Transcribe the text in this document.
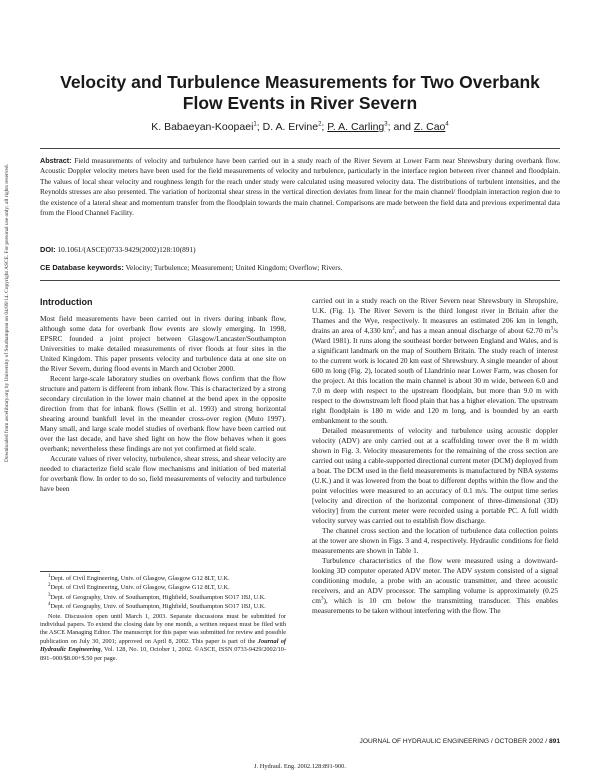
Downloaded from ascelibrary.org by University of Southampton on 04/09/14. Copyright ASCE. For personal use only; all rights reserved.
Velocity and Turbulence Measurements for Two Overbank Flow Events in River Severn
K. Babaeyan-Koopaei$^1$; D. A. Ervine$^2$; P. A. Carling$^3$; and Z. Cao$^4$

Abstract: Field measurements of velocity and turbulence have been carried out in a study reach of the River Severn at Lower Farm near Shrewsbury during overbank flow. Acoustic Doppler velocity meters have been used for the field measurements of velocity and turbulence, particularly in the interface region between river channel and floodplain. The values of local shear velocity and roughness length for the reach under study were calculated using measured velocity data. The distributions of turbulent intensities, and the Reynolds stresses are also presented. The variation of horizontal shear stress in the vertical direction deviates from linear for the main channel/ floodplain interaction region due to the existence of a lateral shear and momentum transfer from the floodplain towards the main channel. Comparisons are made between the field data and previous experimental data from the Flood Channel Facility.

DOI: 10.1061/(ASCE)0733-9429(2002)128:10(891)
CE Database keywords: Velocity; Turbulence; Measurement; United Kingdom; Overflow; Rivers.
Introduction

Most field measurements have been carried out in rivers during inbank flow, although some data for overbank flow events are slowly emerging. In 1998, EPSRC founded a joint project between Glasgow/Lancaster/Southampton Universities to make detailed measurements of river floods at four sites in the United Kingdom. This paper presents velocity and turbulence data at one site on the River Severn, during flood events in March and October 2000.

Recent large-scale laboratory studies on overbank flows confirm that the flow structure and pattern is different from inbank flow. This is characterized by a strong secondary circulation in the lower main channel at the bend apex in the opposite direction from that for inbank flows (Sellin et al. 1993) and strong horizontal shearing around bankfull level in the meander cross-over region (Muto 1997). Many small, and large scale model studies of overbank flow have been carried out over the last decade, and have shed light on how the flow behaves when it goes overbank; nevertheless these findings are not yet confirmed at field scale.

Accurate values of river velocity, turbulence, shear stress, and shear velocity are needed to characterize field scale flow mechanisms and initiation of bed material for overbank flow. In order to do so, field measurements of velocity and turbulence have been

$^1$Dept. of Civil Engineering, Univ. of Glasgow, Glasgow G12 8LT, U.K.

$^2$Dept. of Civil Engineering, Univ. of Glasgow, Glasgow G12 8LT, U.K.

$^3$Dept. of Geography, Univ. of Southampton, Highfield, Southampton SO17 1BJ, U.K.

$^4$Dept. of Geography, Univ. of Southampton, Highfield, Southampton SO17 1BJ, U.K.

Note. Discussion open until March 1, 2003. Separate discussions must be submitted for individual papers. To extend the closing date by one month, a written request must be filed with the ASCE Managing Editor. The manuscript for this paper was submitted for review and possible publication on July 30, 2001; approved on April 8, 2002. This paper is part of the Journal of Hydraulic Engineering, Vol. 128, No. 10, October 1, 2002. ©ASCE, ISSN 0733-9429/2002/10-891–900/$8.00+$.50 per page.

carried out in a study reach on the River Severn near Shrewsbury in Shropshire, U.K. (Fig. 1). The River Severn is the third longest river in Britain after the Thames and the Wye, respectively. It measures an estimated 206 km in length, drains an area of 4,330 $km^2$, and has a mean annual discharge of about 62.70 $m^3/s$ (Ward 1981). It runs along the southeast border between England and Wales, and is a significant landmark on the map of Southern Britain. The study reach of interest to the current work is located 20 km east of Shrewsbury. A single meander of about 600 m long (Fig. 2), located south of Llandrinio near Lower Farm, was chosen for the project. At this location the main channel is about 30 m wide, between 6.0 and 7.0 m deep with respect to the upstream floodplain, but more than 9.0 m with respect to the downstream left flood plain that has a higher elevation. The upstream right floodplain is 180 m wide and 120 m long, and is bounded by an earth embankment to the south.

Detailed measurements of velocity and turbulence using acoustic doppler velocity (ADV) are only carried out at a scaffolding tower over the 8 m width shown in Fig. 3. Velocity measurements for the remaining of the cross section are carried out using a cable-supported directional current meter (DCM) deployed from a boat. The DCM used in the field measurements is manufactured by NBA systems (U.K.) and it was lowered from the boat to different depths within the flow and the point velocities were measured to an accuracy of 0.1 m/s. The output time series [velocity and direction of the horizontal component of three-dimensional (3D) velocity] from the current meter were recorded using a portable PC. A full width velocity survey was carried out to establish flow discharge.

The channel cross section and the location of turbulence data collection points at the tower are shown in Figs. 3 and 4, respectively. Hydraulic conditions for field measurements are shown in Table 1.

Turbulence characteristics of the flow were measured using a downward-looking 3D computer operated ADV meter. The ADV system consisted of a signal conditioning module, a probe with an acoustic transmitter, and three acoustic receivers, and an ADV processor. The sampling volume is approximately (0.25 $cm^3$), which is 10 cm below the transmitting transducer. This enables measurements to be taken without interfering with the flow. The

JOURNAL OF HYDRAULIC ENGINEERING / OCTOBER 2002 / 891
J. Hydraul. Eng. 2002.128:891-900.
